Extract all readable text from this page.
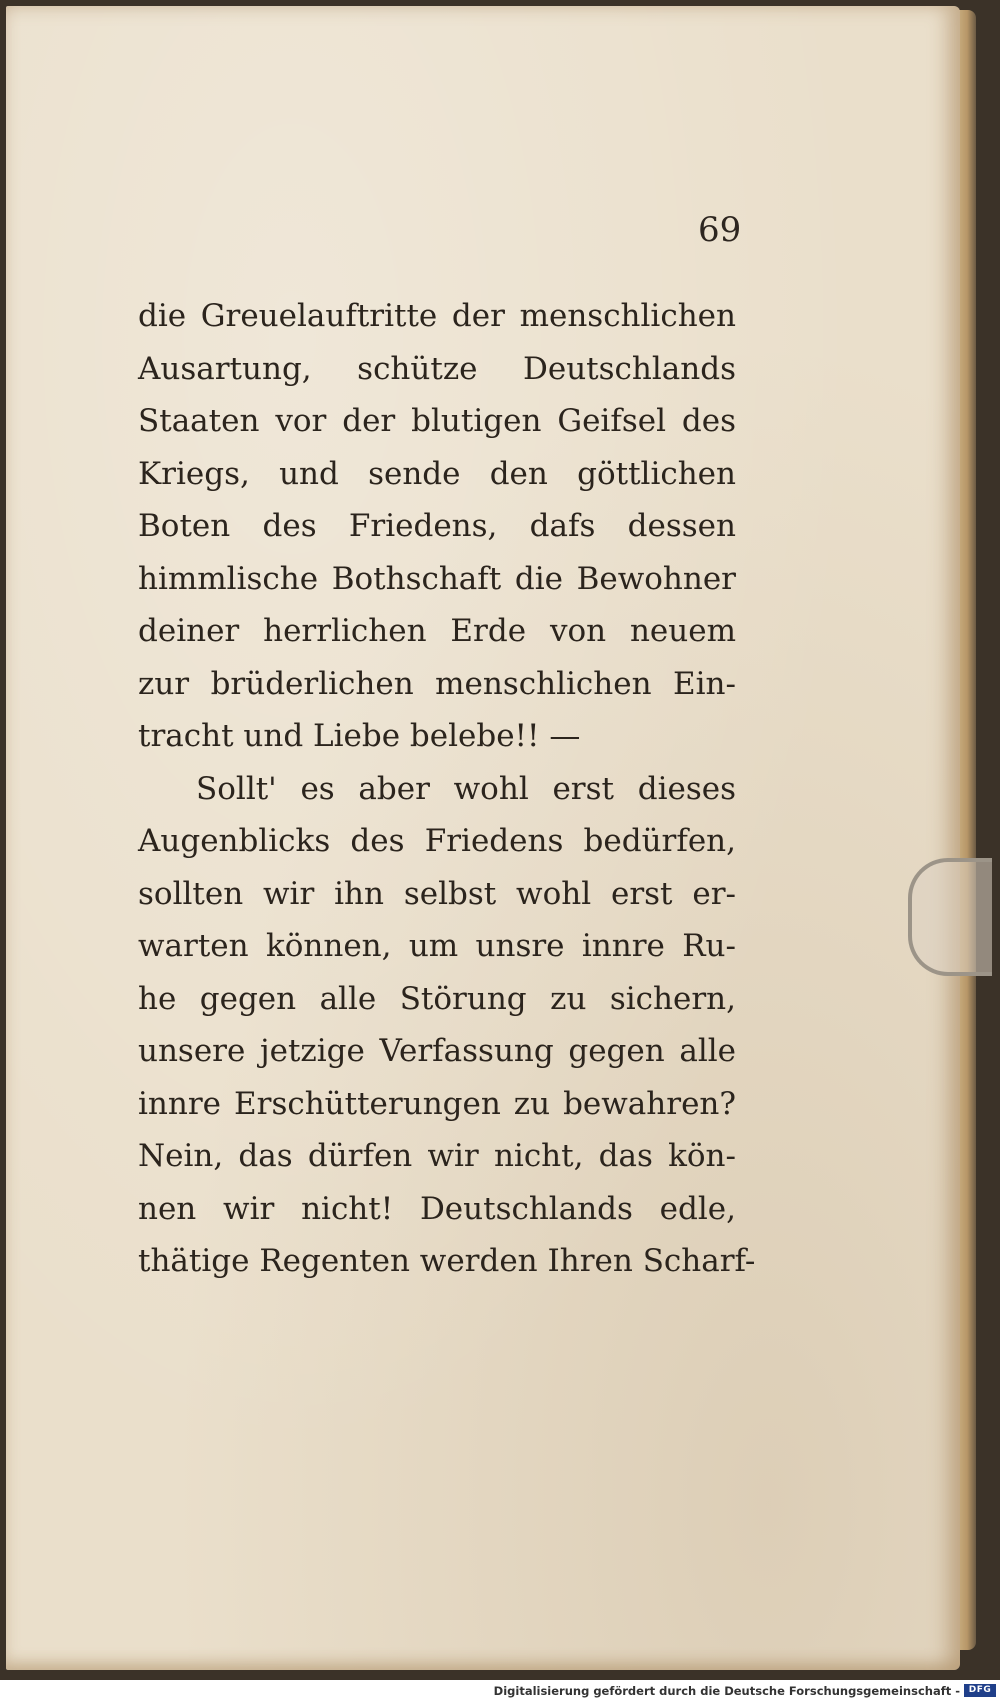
69
die Greuelauftritte der menschlichen
Ausartung, schütze Deutschlands
Staaten vor der blutigen Geifsel des
Kriegs, und sende den göttlichen
Boten des Friedens, dafs dessen
himmlische Bothschaft die Bewohner
deiner herrlichen Erde von neuem
zur brüderlichen menschlichen Ein-
tracht und Liebe belebe!! —
Sollt' es aber wohl erst dieses
Augenblicks des Friedens bedürfen,
sollten wir ihn selbst wohl erst er-
warten können, um unsre innre Ru-
he gegen alle Störung zu sichern,
unsere jetzige Verfassung gegen alle
innre Erschütterungen zu bewahren?
Nein, das dürfen wir nicht, das kön-
nen wir nicht! Deutschlands edle,
thätige Regenten werden Ihren Scharf-
Digitalisierung gefördert durch die Deutsche Forschungsgemeinschaft - DFG
